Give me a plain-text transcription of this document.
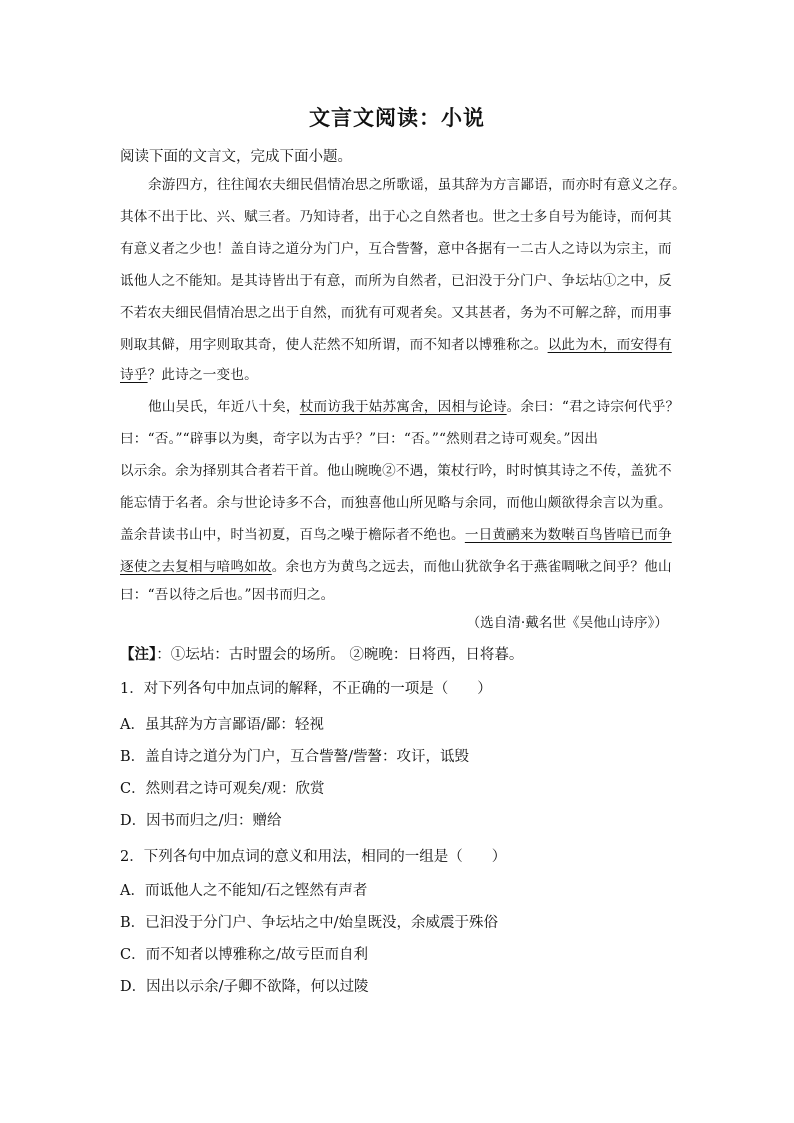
文言文阅读：小说
阅读下面的文言文，完成下面小题。
余游四方，往往闻农夫细民倡情冶思之所歌谣，虽其辞为方言鄙语，而亦时有意义之存。
其体不出于比、兴、赋三者。乃知诗者，出于心之自然者也。世之士多自号为能诗，而何其
有意义者之少也！盖自诗之道分为门户，互合訾謷，意中各据有一二古人之诗以为宗主，而
诋他人之不能知。是其诗皆出于有意，而所为自然者，已汩没于分门户、争坛坫①之中，反
不若农夫细民倡情冶思之出于自然，而犹有可观者矣。又其甚者，务为不可解之辞，而用事
则取其僻，用字则取其奇，使人茫然不知所谓，而不知者以博雅称之。以此为木，而安得有
诗乎？此诗之一变也。
他山吴氏，年近八十矣，杖而访我于姑苏寓舍，因相与论诗。余曰：“君之诗宗何代乎？
曰：“否。”“辟事以为奥，奇字以为古乎？”曰：“否。”“然则君之诗可观矣。”因出
以示余。余为择别其合者若干首。他山晼晚②不遇，策杖行吟，时时慎其诗之不传，盖犹不
能忘情于名者。余与世论诗多不合，而独喜他山所见略与余同，而他山颇欲得余言以为重。
盖余昔读书山中，时当初夏，百鸟之噪于檐际者不绝也。一日黄鹂来为数啭百鸟皆喑已而争
逐使之去复相与喑鸣如故。余也方为黄鸟之远去，而他山犹欲争名于燕雀啁啾之间乎？他山
曰：“吾以待之后也。”因书而归之。
（选自清·戴名世《吴他山诗序》）
【注】：①坛坫：古时盟会的场所。 ②晼晚：日将西，日将暮。
1．对下列各句中加点词的解释，不正确的一项是（　　）
A．虽其辞为方言鄙语/鄙：轻视
B．盖自诗之道分为门户，互合訾謷/訾謷：攻讦，诋毁
C．然则君之诗可观矣/观：欣赏
D．因书而归之/归：赠给
2．下列各句中加点词的意义和用法，相同的一组是（　　）
A．而诋他人之不能知/石之铿然有声者
B．已汩没于分门户、争坛坫之中/始皇既没，余威震于殊俗
C．而不知者以博雅称之/故亏臣而自利
D．因出以示余/子卿不欲降，何以过陵
